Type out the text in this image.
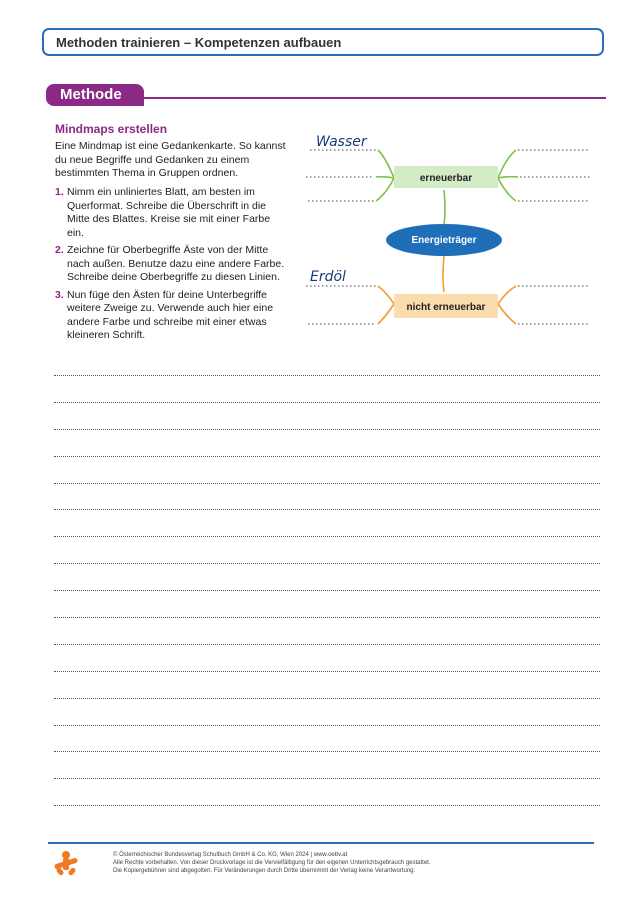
Methoden trainieren – Kompetenzen aufbauen
Methode
Mindmaps erstellen
Eine Mindmap ist eine Gedankenkarte. So kannst du neue Begriffe und Gedanken zu einem bestimmten Thema in Gruppen ordnen.
1. Nimm ein unliniertes Blatt, am besten im Querformat. Schreibe die Überschrift in die Mitte des Blattes. Kreise sie mit einer Farbe ein.
2. Zeichne für Oberbegriffe Äste von der Mitte nach außen. Benutze dazu eine andere Farbe. Schreibe deine Oberbegriffe zu diesen Linien.
3. Nun füge den Ästen für deine Unterbegriffe weitere Zweige zu. Verwende auch hier eine andere Farbe und schreibe mit einer etwas kleineren Schrift.
erneuerbar
Energieträger
nicht erneuerbar
Wasser
Erdöl
© Österreichischer Bundesverlag Schulbuch GmbH & Co. KG, Wien 2024 | www.oebv.at
Alle Rechte vorbehalten. Von dieser Druckvorlage ist die Vervielfältigung für den eigenen Unterrichtsgebrauch gestattet.
Die Kopiergebühren sind abgegolten. Für Veränderungen durch Dritte übernimmt der Verlag keine Verantwortung.
